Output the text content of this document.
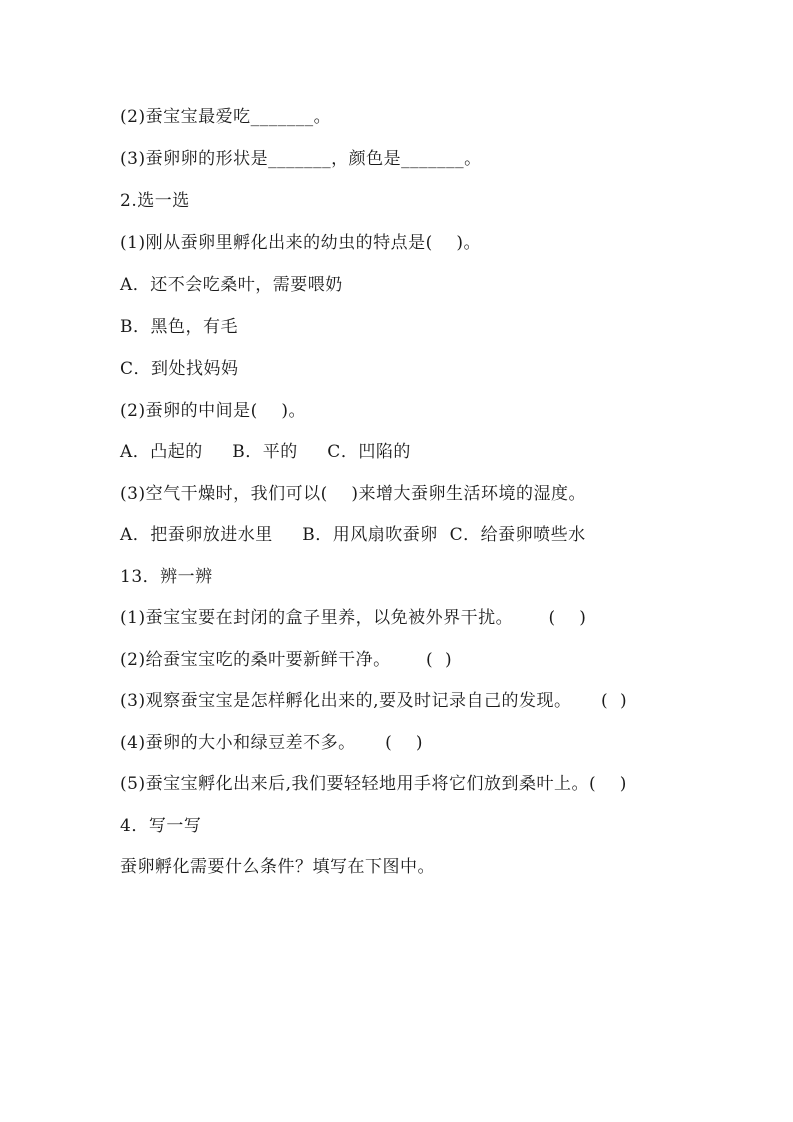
(2)蚕宝宝最爱吃_______。
(3)蚕卵卵的形状是_______，颜色是_______。
2.选一选
(1)刚从蚕卵里孵化出来的幼虫的特点是(    )。
A．还不会吃桑叶，需要喂奶
B．黑色，有毛
C．到处找妈妈
(2)蚕卵的中间是(    )。
A．凸起的     B．平的     C．凹陷的
(3)空气干燥时，我们可以(    )来增大蚕卵生活环境的湿度。
A．把蚕卵放进水里     B．用风扇吹蚕卵  C．给蚕卵喷些水
13．辨一辨
(1)蚕宝宝要在封闭的盒子里养，以免被外界干扰。      (    )
(2)给蚕宝宝吃的桑叶要新鲜干净。      (  )
(3)观察蚕宝宝是怎样孵化出来的,要及时记录自己的发现。     (  )
(4)蚕卵的大小和绿豆差不多。     (    )
(5)蚕宝宝孵化出来后,我们要轻轻地用手将它们放到桑叶上。(    )
4．写一写
蚕卵孵化需要什么条件？填写在下图中。
